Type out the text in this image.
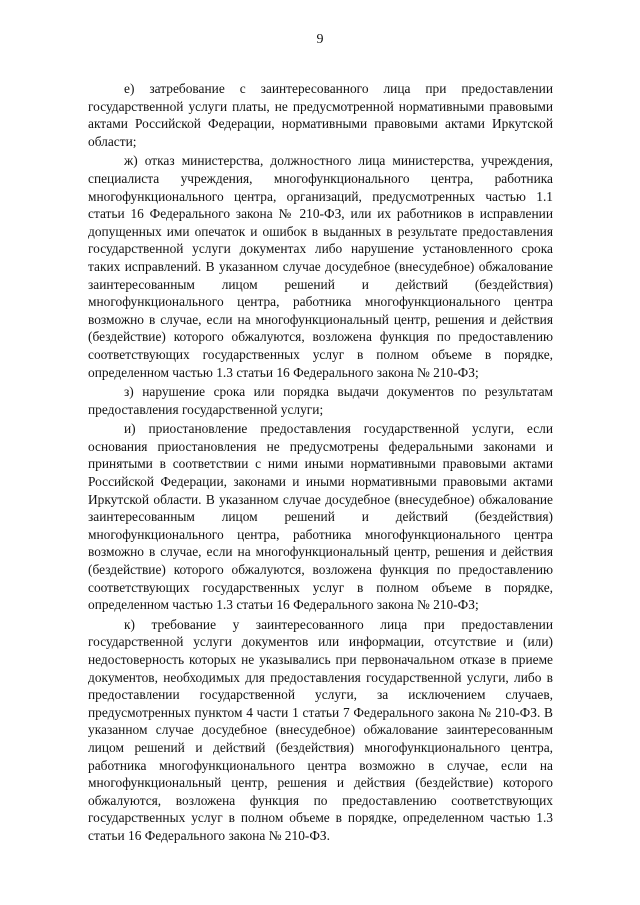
9

е) затребование с заинтересованного лица при предоставлении государственной услуги платы, не предусмотренной нормативными правовыми актами Российской Федерации, нормативными правовыми актами Иркутской области;

ж) отказ министерства, должностного лица министерства, учреждения, специалиста учреждения, многофункционального центра, работника многофункционального центра, организаций, предусмотренных частью 1.1 статьи 16 Федерального закона № 210-ФЗ, или их работников в исправлении допущенных ими опечаток и ошибок в выданных в результате предоставления государственной услуги документах либо нарушение установленного срока таких исправлений. В указанном случае досудебное (внесудебное) обжалование заинтересованным лицом решений и действий (бездействия) многофункционального центра, работника многофункционального центра возможно в случае, если на многофункциональный центр, решения и действия (бездействие) которого обжалуются, возложена функция по предоставлению соответствующих государственных услуг в полном объеме в порядке, определенном частью 1.3 статьи 16 Федерального закона № 210-ФЗ;

з) нарушение срока или порядка выдачи документов по результатам предоставления государственной услуги;

и) приостановление предоставления государственной услуги, если основания приостановления не предусмотрены федеральными законами и принятыми в соответствии с ними иными нормативными правовыми актами Российской Федерации, законами и иными нормативными правовыми актами Иркутской области. В указанном случае досудебное (внесудебное) обжалование заинтересованным лицом решений и действий (бездействия) многофункционального центра, работника многофункционального центра возможно в случае, если на многофункциональный центр, решения и действия (бездействие) которого обжалуются, возложена функция по предоставлению соответствующих государственных услуг в полном объеме в порядке, определенном частью 1.3 статьи 16 Федерального закона № 210-ФЗ;

к) требование у заинтересованного лица при предоставлении государственной услуги документов или информации, отсутствие и (или) недостоверность которых не указывались при первоначальном отказе в приеме документов, необходимых для предоставления государственной услуги, либо в предоставлении государственной услуги, за исключением случаев, предусмотренных пунктом 4 части 1 статьи 7 Федерального закона № 210-ФЗ. В указанном случае досудебное (внесудебное) обжалование заинтересованным лицом решений и действий (бездействия) многофункционального центра, работника многофункционального центра возможно в случае, если на многофункциональный центр, решения и действия (бездействие) которого обжалуются, возложена функция по предоставлению соответствующих государственных услуг в полном объеме в порядке, определенном частью 1.3 статьи 16 Федерального закона № 210-ФЗ.
